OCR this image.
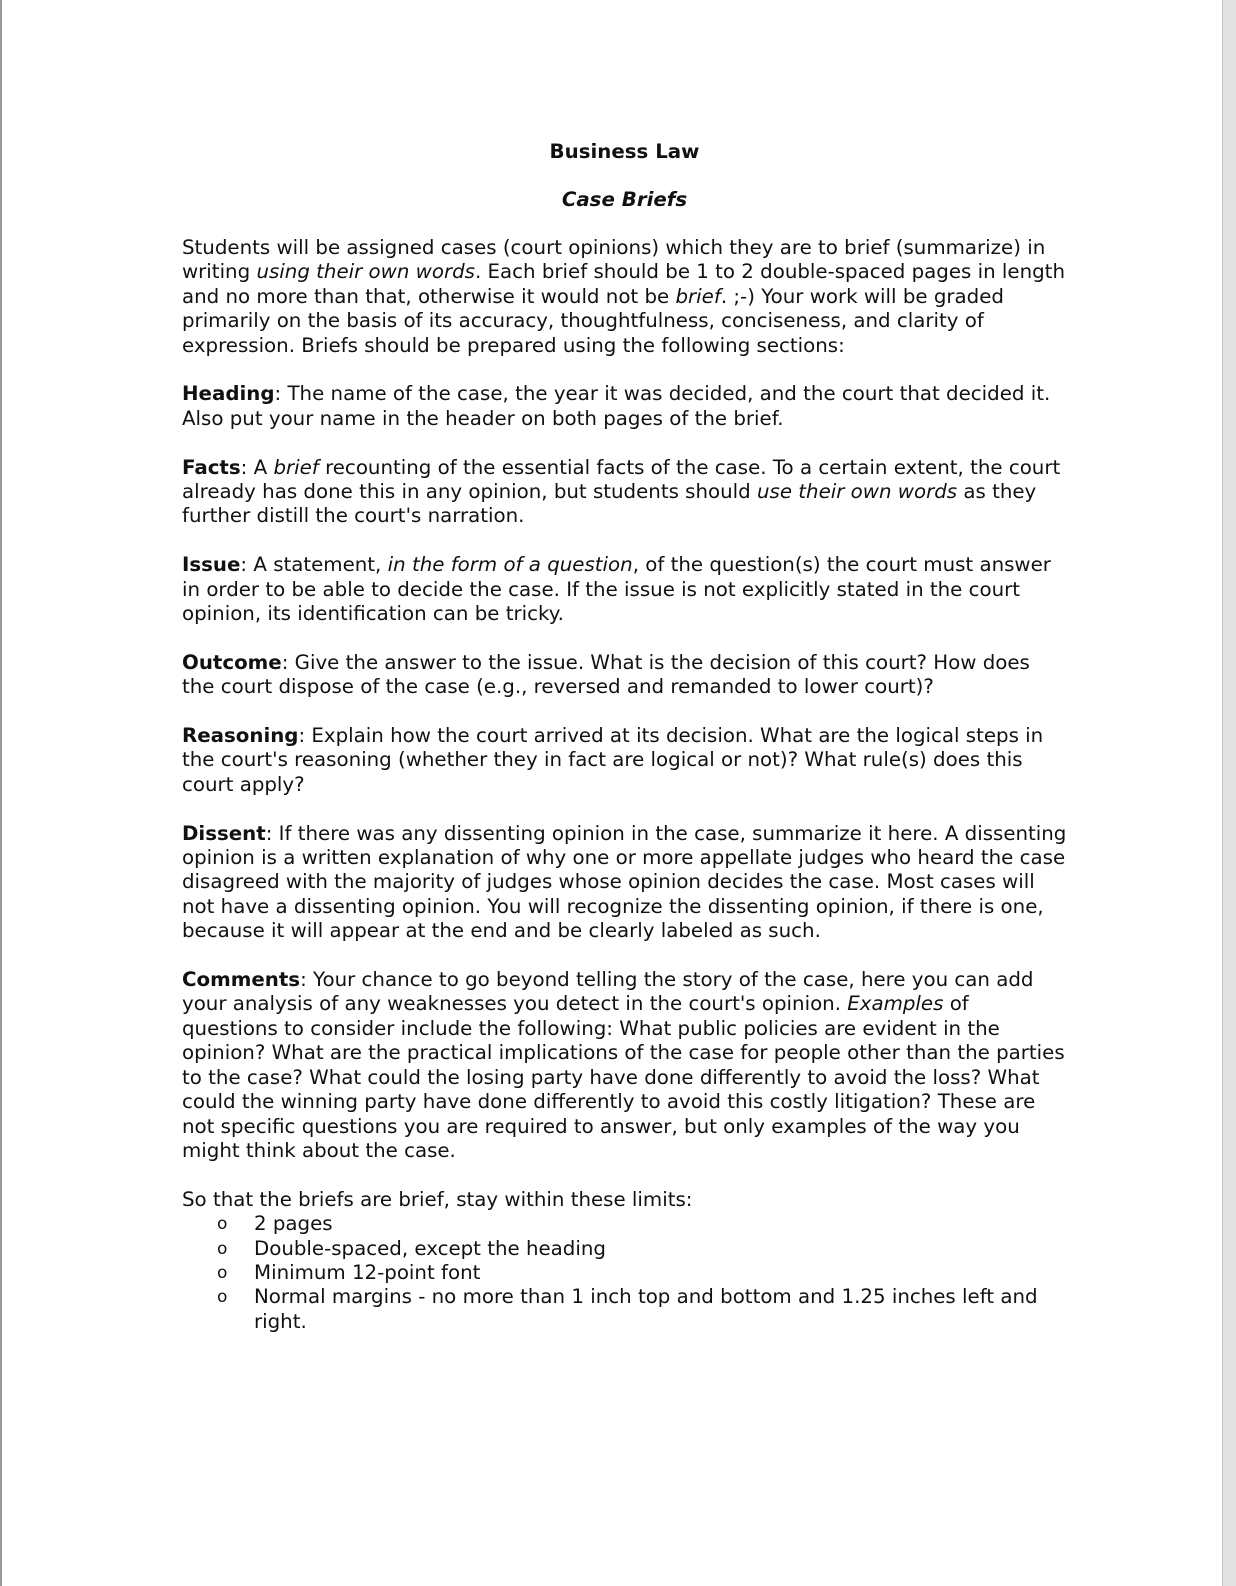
Business Law
Case Briefs

Students will be assigned cases (court opinions) which they are to brief (summarize) in writing using their own words. Each brief should be 1 to 2 double-spaced pages in length and no more than that, otherwise it would not be brief. ;-) Your work will be graded primarily on the basis of its accuracy, thoughtfulness, conciseness, and clarity of expression. Briefs should be prepared using the following sections:

Heading: The name of the case, the year it was decided, and the court that decided it. Also put your name in the header on both pages of the brief.

Facts: A brief recounting of the essential facts of the case. To a certain extent, the court already has done this in any opinion, but students should use their own words as they further distill the court's narration.

Issue: A statement, in the form of a question, of the question(s) the court must answer in order to be able to decide the case. If the issue is not explicitly stated in the court opinion, its identification can be tricky.

Outcome: Give the answer to the issue. What is the decision of this court? How does the court dispose of the case (e.g., reversed and remanded to lower court)?

Reasoning: Explain how the court arrived at its decision. What are the logical steps in the court's reasoning (whether they in fact are logical or not)? What rule(s) does this court apply?

Dissent: If there was any dissenting opinion in the case, summarize it here. A dissenting opinion is a written explanation of why one or more appellate judges who heard the case disagreed with the majority of judges whose opinion decides the case. Most cases will not have a dissenting opinion. You will recognize the dissenting opinion, if there is one, because it will appear at the end and be clearly labeled as such.

Comments: Your chance to go beyond telling the story of the case, here you can add your analysis of any weaknesses you detect in the court's opinion. Examples of questions to consider include the following: What public policies are evident in the opinion? What are the practical implications of the case for people other than the parties to the case? What could the losing party have done differently to avoid the loss? What could the winning party have done differently to avoid this costly litigation? These are not specific questions you are required to answer, but only examples of the way you might think about the case.

So that the briefs are brief, stay within these limits:
o 2 pages
o Double-spaced, except the heading
o Minimum 12-point font
o Normal margins - no more than 1 inch top and bottom and 1.25 inches left and right.
